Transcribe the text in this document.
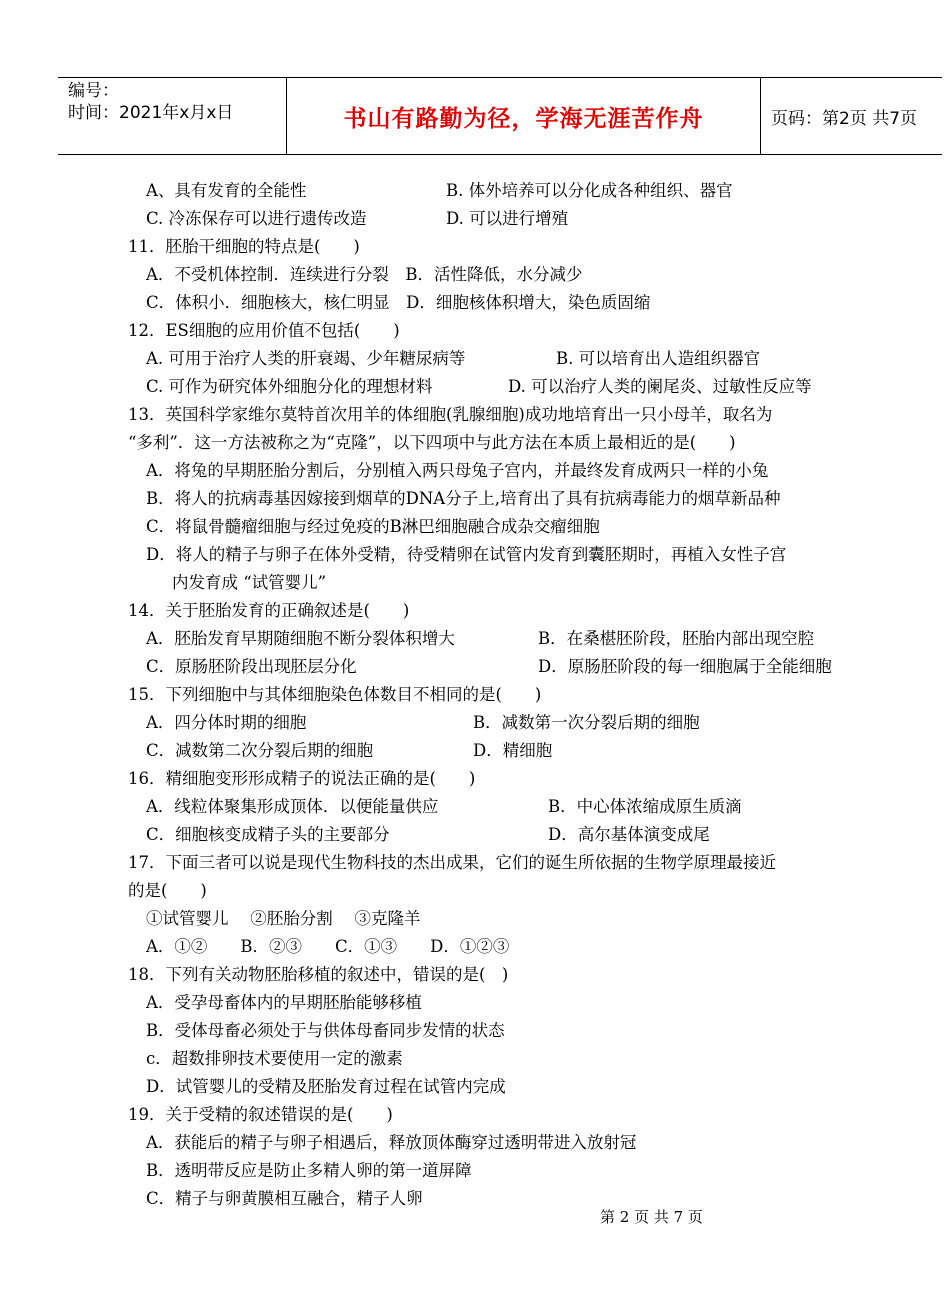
编号：
时间：2021年x月x日	书山有路勤为径，学海无涯苦作舟	页码：第2页 共7页
A、具有发育的全能性	B. 体外培养可以分化成各种组织、器官
C. 冷冻保存可以进行遗传改造	D. 可以进行增殖
11．胚胎干细胞的特点是(　　)
A．不受机体控制．连续进行分裂　B．活性降低，水分减少
C．体积小．细胞核大，核仁明显　D．细胞核体积增大，染色质固缩
12．ES细胞的应用价值不包括(　　)
A. 可用于治疗人类的肝衰竭、少年糖尿病等	B. 可以培育出人造组织器官
C. 可作为研究体外细胞分化的理想材料	D. 可以治疗人类的阑尾炎、过敏性反应等
13．英国科学家维尔莫特首次用羊的体细胞(乳腺细胞)成功地培育出一只小母羊，取名为
“多利”．这一方法被称之为“克隆”，以下四项中与此方法在本质上最相近的是(　　)
A．将兔的早期胚胎分割后，分别植入两只母兔子宫内，并最终发育成两只一样的小兔
B．将人的抗病毒基因嫁接到烟草的DNA分子上,培育出了具有抗病毒能力的烟草新品种
C．将鼠骨髓瘤细胞与经过免疫的B淋巴细胞融合成杂交瘤细胞
D．将人的精子与卵子在体外受精，待受精卵在试管内发育到囊胚期时，再植入女性子宫
内发育成 “试管婴儿”
14．关于胚胎发育的正确叙述是(　　)
A．胚胎发育早期随细胞不断分裂体积增大	B．在桑椹胚阶段，胚胎内部出现空腔
C．原肠胚阶段出现胚层分化	D．原肠胚阶段的每一细胞属于全能细胞
15．下列细胞中与其体细胞染色体数目不相同的是(　　)
A．四分体时期的细胞	B．减数第一次分裂后期的细胞
C．减数第二次分裂后期的细胞	D．精细胞
16．精细胞变形形成精子的说法正确的是(　　)
A．线粒体聚集形成顶体．以便能量供应	B．中心体浓缩成原生质滴
C．细胞核变成精子头的主要部分	D．高尔基体演变成尾
17．下面三者可以说是现代生物科技的杰出成果，它们的诞生所依据的生物学原理最接近
的是(　　)
①试管婴儿　 ②胚胎分割　 ③克隆羊
A．①②　　B．②③　　C．①③　　D．①②③
18．下列有关动物胚胎移植的叙述中，错误的是(　)
A．受孕母畜体内的早期胚胎能够移植
B．受体母畜必须处于与供体母畜同步发情的状态
c．超数排卵技术要使用一定的激素
D．试管婴儿的受精及胚胎发育过程在试管内完成
19．关于受精的叙述错误的是(　　)
A．获能后的精子与卵子相遇后，释放顶体酶穿过透明带进入放射冠
B．透明带反应是防止多精人卵的第一道屏障
C．精子与卵黄膜相互融合，精子人卵
第 2 页 共 7 页
